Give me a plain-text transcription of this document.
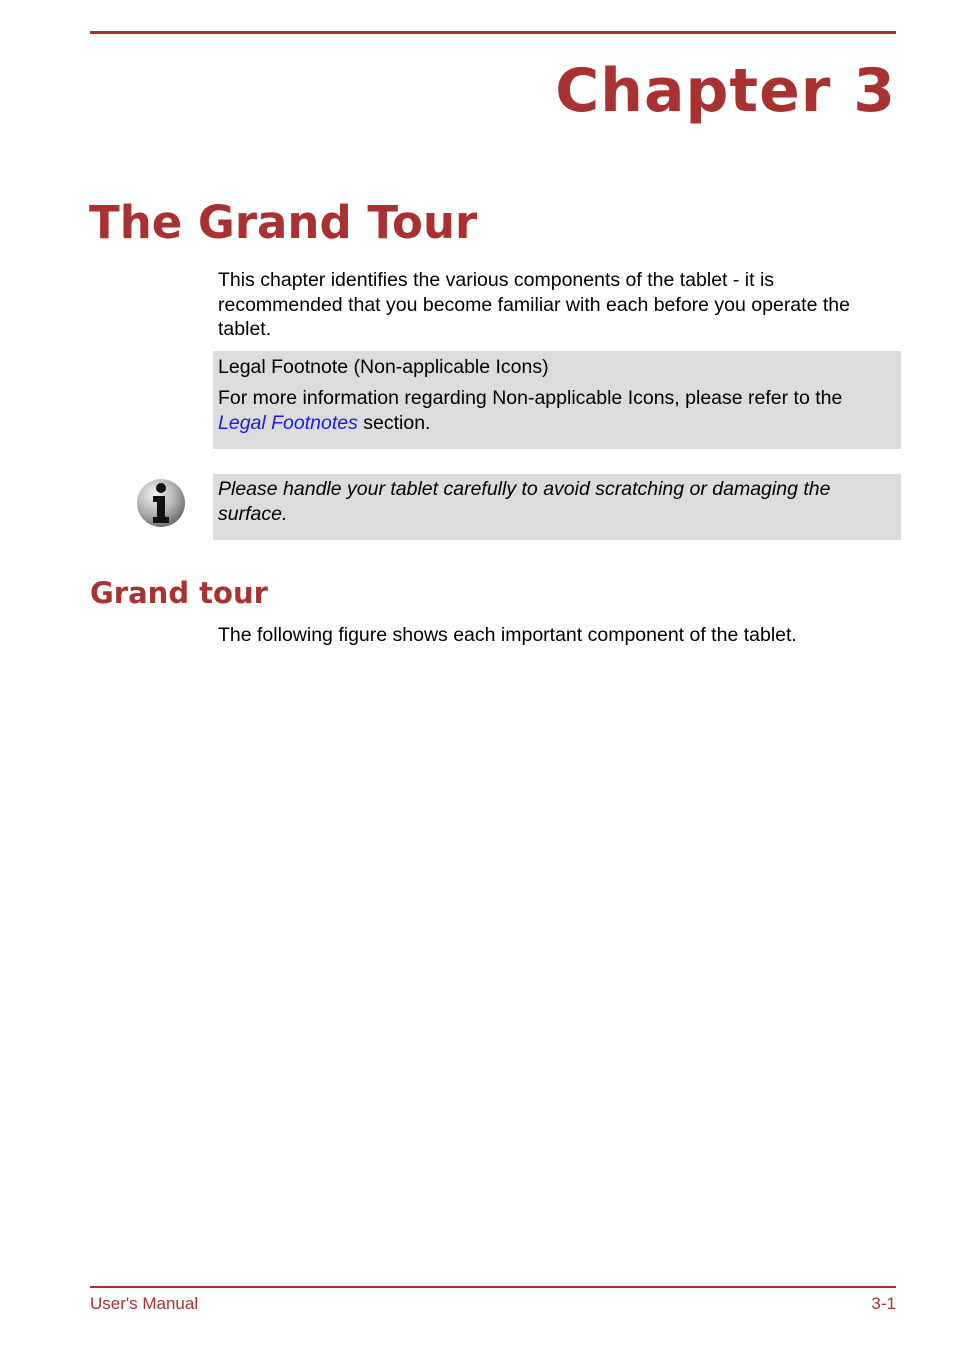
Chapter 3
The Grand Tour

This chapter identifies the various components of the tablet - it is recommended that you become familiar with each before you operate the tablet.

Legal Footnote (Non-applicable Icons)
For more information regarding Non-applicable Icons, please refer to the Legal Footnotes section.
Please handle your tablet carefully to avoid scratching or damaging the surface.
Grand tour

The following figure shows each important component of the tablet.

User's Manual	3-1
